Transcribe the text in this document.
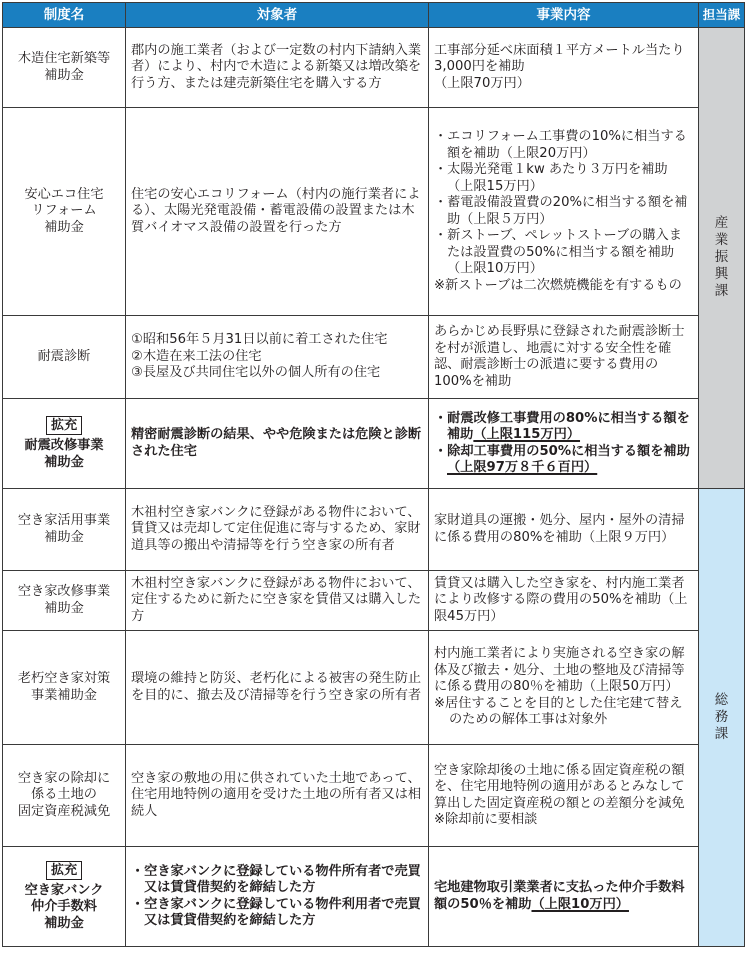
制度名	対象者	事業内容	担当課

木造住宅新築等
補助金	郡内の施工業者（および一定数の村内下請納入業者）により、村内で木造による新築又は増改築を行う方、または建売新築住宅を購入する方	工事部分延べ床面積１平方メートル当たり3,000円を補助
（上限70万円）	産業振興課

安心エコ住宅
リフォーム
補助金	住宅の安心エコリフォーム（村内の施行業者による）、太陽光発電設備・蓄電設備の設置または木質バイオマス設備の設置を行った方	・エコリフォーム工事費の10%に相当する額を補助（上限20万円）
・太陽光発電１kw あたり３万円を補助（上限15万円）
・蓄電設備設置費の20%に相当する額を補助（上限５万円）
・新ストーブ、ペレットストーブの購入または設置費の50%に相当する額を補助（上限10万円）
※新ストーブは二次燃焼機能を有するもの	

耐震診断	①昭和56年５月31日以前に着工された住宅
②木造在来工法の住宅
③長屋及び共同住宅以外の個人所有の住宅	あらかじめ長野県に登録された耐震診断士を村が派遣し、地震に対する安全性を確認、耐震診断士の派遣に要する費用の100%を補助	
拡充
耐震改修事業
補助金	精密耐震診断の結果、やや危険または危険と診断された住宅	・耐震改修工事費用の80%に相当する額を補助（上限115万円）
・除却工事費用の50%に相当する額を補助（上限97万８千６百円）	

空き家活用事業
補助金	木祖村空き家バンクに登録がある物件において、賃貸又は売却して定住促進に寄与するため、家財道具等の搬出や清掃等を行う空き家の所有者	家財道具の運搬・処分、屋内・屋外の清掃に係る費用の80%を補助（上限９万円）	総務課

空き家改修事業
補助金	木祖村空き家バンクに登録がある物件において、定住するために新たに空き家を賃借又は購入した方	賃貸又は購入した空き家を、村内施工業者により改修する際の費用の50%を補助（上限45万円）	

老朽空き家対策
事業補助金	環境の維持と防災、老朽化による被害の発生防止を目的に、撤去及び清掃等を行う空き家の所有者	村内施工業者により実施される空き家の解体及び撤去・処分、土地の整地及び清掃等に係る費用の80％を補助（上限50万円）
※居住することを目的とした住宅建て替えのための解体工事は対象外	

空き家の除却に
係る土地の
固定資産税減免	空き家の敷地の用に供されていた土地であって、住宅用地特例の適用を受けた土地の所有者又は相続人	空き家除却後の土地に係る固定資産税の額を、住宅用地特例の適用があるとみなして算出した固定資産税の額との差額分を減免
※除却前に要相談	

拡充
空き家バンク
仲介手数料
補助金	・空き家バンクに登録している物件所有者で売買又は賃貸借契約を締結した方
・空き家バンクに登録している物件利用者で売買又は賃貸借契約を締結した方	宅地建物取引業業者に支払った仲介手数料額の50％を補助（上限10万円）	
